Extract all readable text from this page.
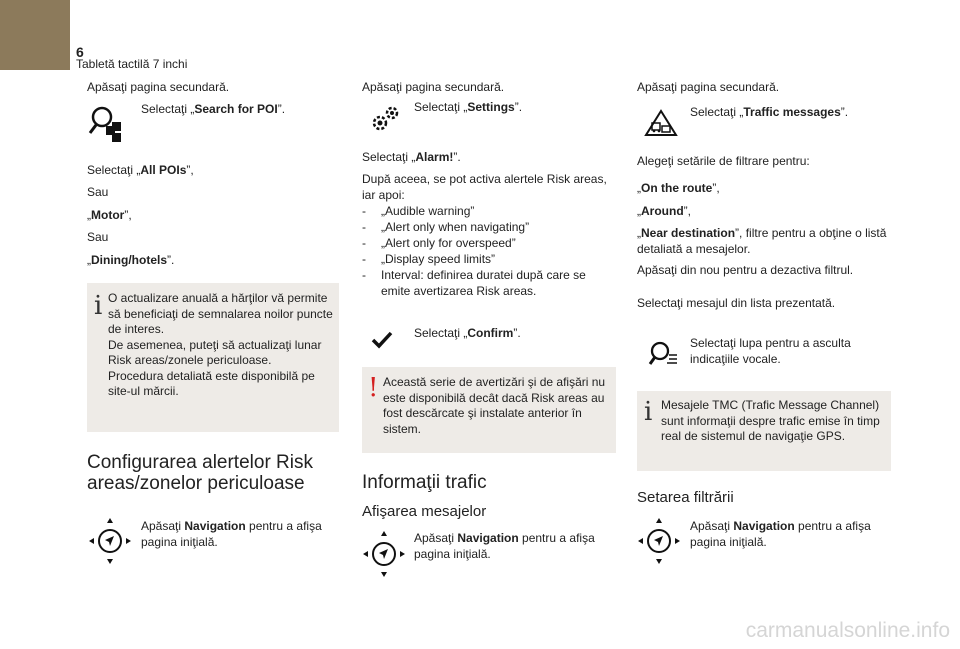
6
Tabletă tactilă 7 inchi
Apăsaţi pagina secundară.
Selectaţi „Search for POI”.
Selectaţi „All POIs”,
Sau
„Motor”,
Sau
„Dining/hotels”.
i O actualizare anuală a hărţilor vă permite să beneficiaţi de semnalarea noilor puncte de interes.
De asemenea, puteţi să actualizaţi lunar Risk areas/zonele periculoase.
Procedura detaliată este disponibilă pe site-ul mărcii.
Configurarea alertelor Risk areas/zonelor periculoase
Apăsaţi Navigation pentru a afişa pagina iniţială.
Apăsaţi pagina secundară.
Selectaţi „Settings”.
Selectaţi „Alarm!”.
După aceea, se pot activa alertele Risk areas, iar apoi:
- „Audible warning”
- „Alert only when navigating”
- „Alert only for overspeed”
- „Display speed limits”
- Interval: definirea duratei după care se emite avertizarea Risk areas.
Selectaţi „Confirm”.
! Această serie de avertizări şi de afişări nu este disponibilă decât dacă Risk areas au fost descărcate şi instalate anterior în sistem.
Informaţii trafic
Afişarea mesajelor
Apăsaţi Navigation pentru a afişa pagina iniţială.
Apăsaţi pagina secundară.
Selectaţi „Traffic messages”.
Alegeţi setările de filtrare pentru:
„On the route”,
„Around”,
„Near destination”, filtre pentru a obţine o listă detaliată a mesajelor.
Apăsaţi din nou pentru a dezactiva filtrul.
Selectaţi mesajul din lista prezentată.
Selectaţi lupa pentru a asculta indicaţiile vocale.
i Mesajele TMC (Trafic Message Channel) sunt informaţii despre trafic emise în timp real de sistemul de navigaţie GPS.
Setarea filtrării
Apăsaţi Navigation pentru a afişa pagina iniţială.
carmanualsonline.info
